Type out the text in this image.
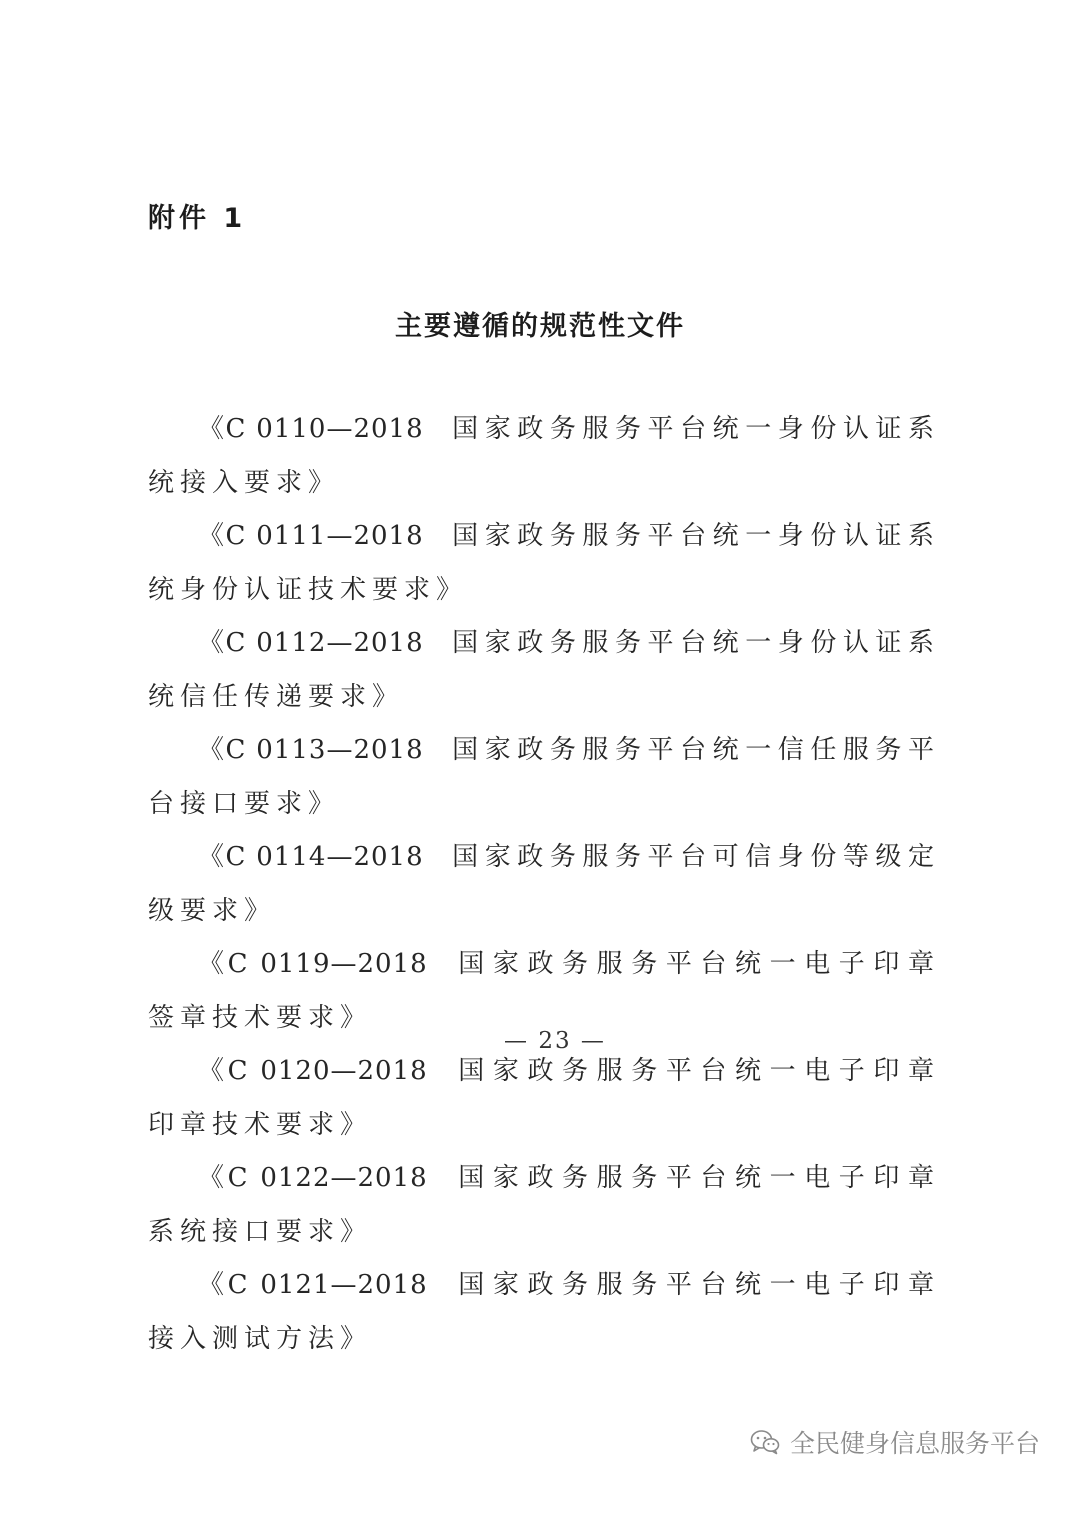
附件 1
主要遵循的规范性文件

《C 0110—2018 国家政务服务平台统一身份认证系统接入要求》

《C 0111—2018 国家政务服务平台统一身份认证系统身份认证技术要求》

《C 0112—2018 国家政务服务平台统一身份认证系统信任传递要求》

《C 0113—2018 国家政务服务平台统一信任服务平台接口要求》

《C 0114—2018 国家政务服务平台可信身份等级定级要求》

《C 0119—2018 国家政务服务平台统一电子印章　签章技术要求》

《C 0120—2018 国家政务服务平台统一电子印章　印章技术要求》

《C 0122—2018 国家政务服务平台统一电子印章　系统接口要求》

《C 0121—2018 国家政务服务平台统一电子印章　接入测试方法》

— 23 —
全民健身信息服务平台
